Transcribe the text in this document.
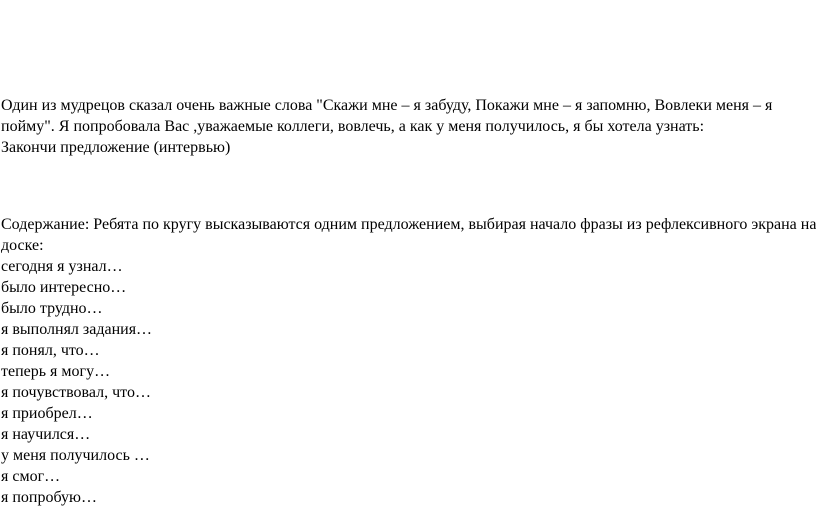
Один из мудрецов сказал очень важные слова "Скажи мне – я забуду, Покажи мне – я запомню, Вовлеки меня – я
пойму". Я попробовала Вас ,уважаемые коллеги, вовлечь, а как у меня получилось, я бы хотела узнать:
Закончи предложение (интервью)
Содержание: Ребята по кругу высказываются одним предложением, выбирая начало фразы из рефлексивного экрана на
доске:
сегодня я узнал…
было интересно…
было трудно…
я выполнял задания…
я понял, что…
теперь я могу…
я почувствовал, что…
я приобрел…
я научился…
у меня получилось …
я смог…
я попробую…
